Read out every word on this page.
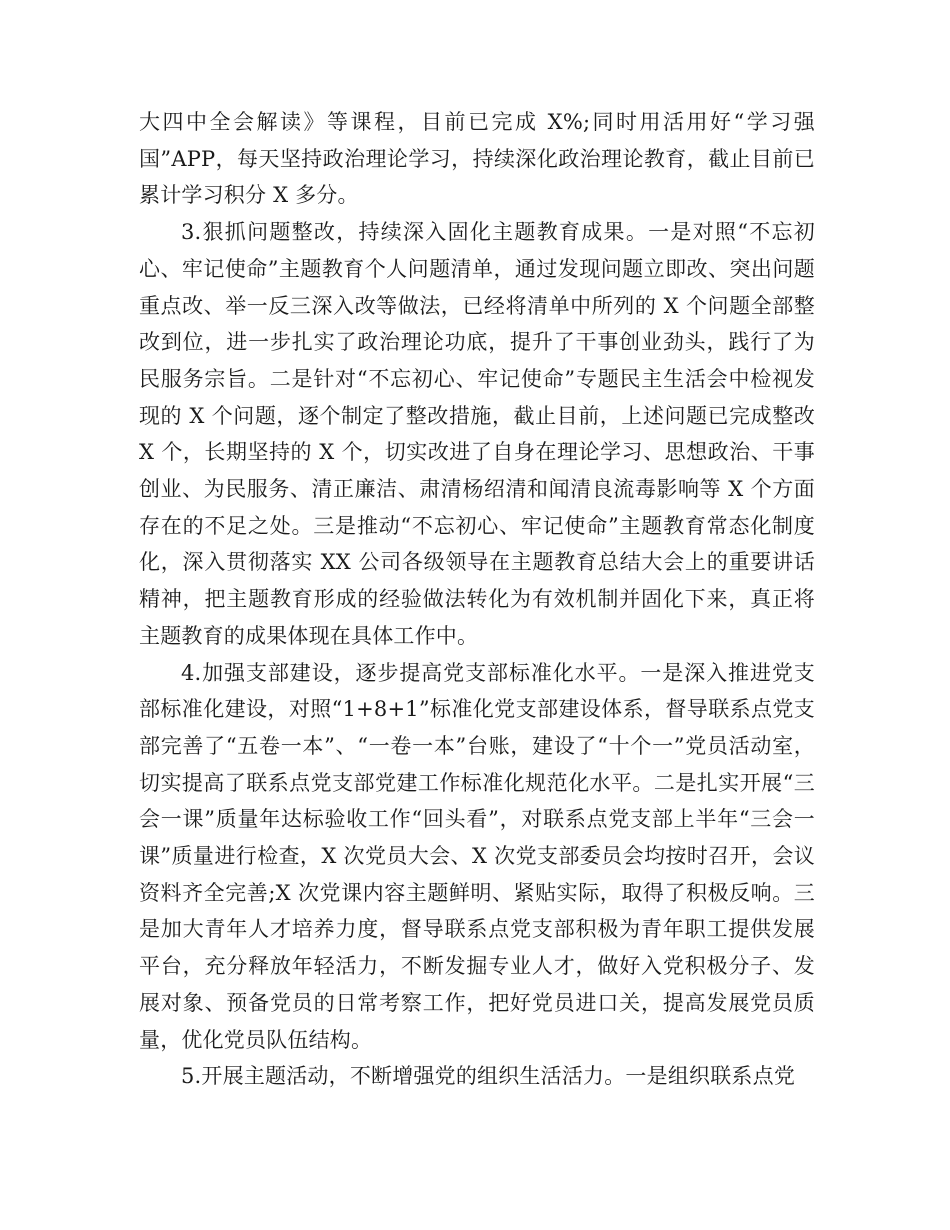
大四中全会解读》等课程，目前已完成 X%;同时用活用好“学习强国”APP，每天坚持政治理论学习，持续深化政治理论教育，截止目前已累计学习积分 X 多分。

3.狠抓问题整改，持续深入固化主题教育成果。一是对照“不忘初心、牢记使命”主题教育个人问题清单，通过发现问题立即改、突出问题重点改、举一反三深入改等做法，已经将清单中所列的 X 个问题全部整改到位，进一步扎实了政治理论功底，提升了干事创业劲头，践行了为民服务宗旨。二是针对“不忘初心、牢记使命”专题民主生活会中检视发现的 X 个问题，逐个制定了整改措施，截止目前，上述问题已完成整改 X 个，长期坚持的 X 个，切实改进了自身在理论学习、思想政治、干事创业、为民服务、清正廉洁、肃清杨绍清和闻清良流毒影响等 X 个方面存在的不足之处。三是推动“不忘初心、牢记使命”主题教育常态化制度化，深入贯彻落实 XX 公司各级领导在主题教育总结大会上的重要讲话精神，把主题教育形成的经验做法转化为有效机制并固化下来，真正将主题教育的成果体现在具体工作中。

4.加强支部建设，逐步提高党支部标准化水平。一是深入推进党支部标准化建设，对照“1+8+1”标准化党支部建设体系，督导联系点党支部完善了“五卷一本”、“一卷一本”台账，建设了“十个一”党员活动室，切实提高了联系点党支部党建工作标准化规范化水平。二是扎实开展“三会一课”质量年达标验收工作“回头看”，对联系点党支部上半年“三会一课”质量进行检查，X 次党员大会、X 次党支部委员会均按时召开，会议资料齐全完善;X 次党课内容主题鲜明、紧贴实际，取得了积极反响。三是加大青年人才培养力度，督导联系点党支部积极为青年职工提供发展平台，充分释放年轻活力，不断发掘专业人才，做好入党积极分子、发展对象、预备党员的日常考察工作，把好党员进口关，提高发展党员质量，优化党员队伍结构。

5.开展主题活动，不断增强党的组织生活活力。一是组织联系点党
